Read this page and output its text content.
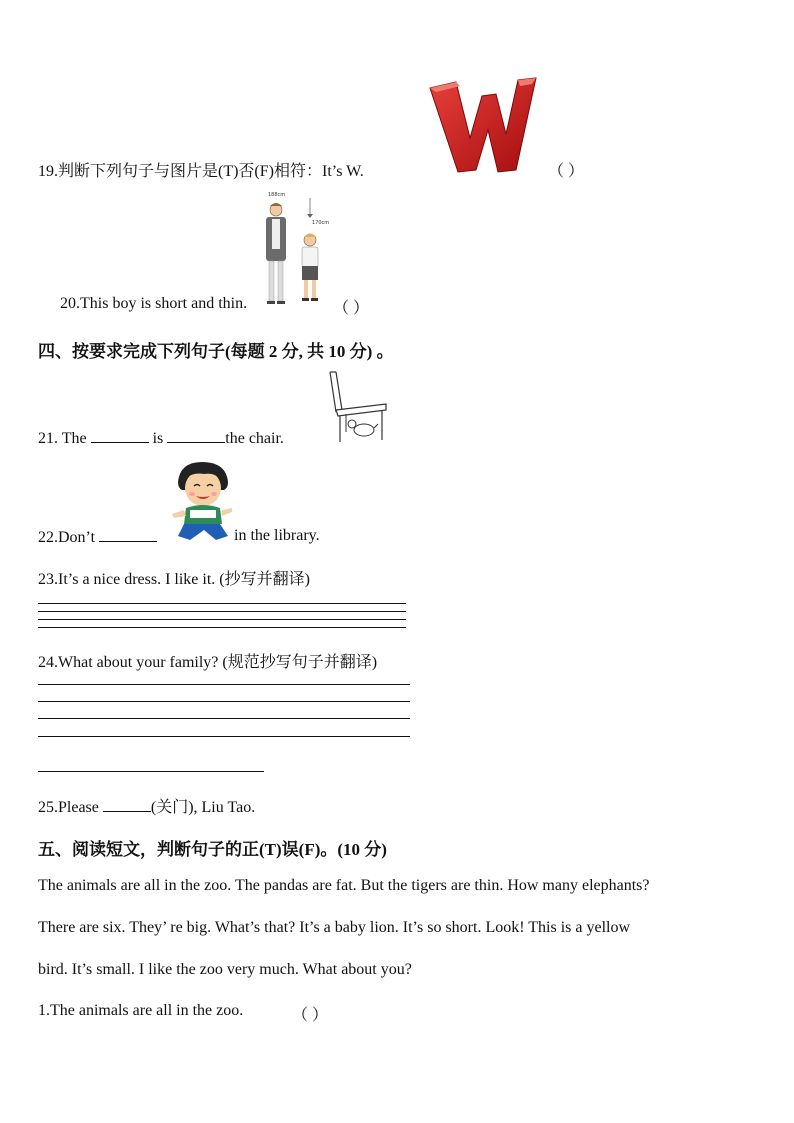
19.判断下列句子与图片是(T)否(F)相符：It’s W.	（ ）
20.This boy is short and thin.
188cm
170cm
（ ）
四、按要求完成下列句子(每题 2 分, 共 10 分) 。
21. The	is	the chair.
22.Don’t	in the library.
23.It’s a nice dress. I like it. (抄写并翻译)
24.What about your family? (规范抄写句子并翻译)
25.Please	(关门), Liu Tao.
五、阅读短文，判断句子的正(T)误(F)。(10 分)
The animals are all in the zoo. The pandas are fat. But the tigers are thin. How many elephants?
There are six. They’ re big. What’s that? It’s a baby lion. It’s so short. Look! This is a yellow
bird. It’s small. I like the zoo very much. What about you?
1.The animals are all in the zoo.	（ ）
